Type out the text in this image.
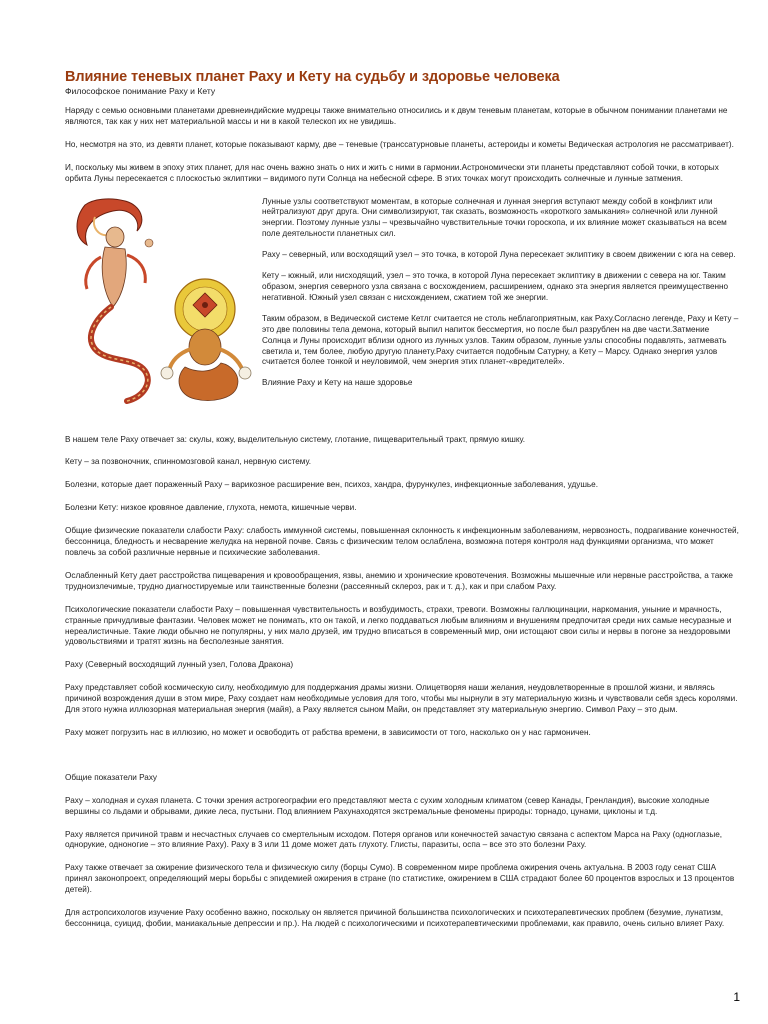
Влияние теневых планет Раху и Кету на судьбу и здоровье человека
Философское понимание Раху и Кету

Наряду с семью основными планетами древнеиндийские мудрецы также внимательно относились и к двум теневым планетам, которые в обычном понимании планетами не являются, так как у них нет материальной массы и ни в какой телескоп их не увидишь.

Но, несмотря на это, из девяти планет, которые показывают карму, две – теневые (транссатурновые планеты, астероиды и кометы Ведическая астрология не рассматривает).

И, поскольку мы живем в эпоху этих планет, для нас очень важно знать о них и жить с ними в гармонии.Астрономически эти планеты представляют собой точки, в которых орбита Луны пересекается с плоскостью эклиптики – видимого пути Солнца на небесной сфере. В этих точках могут происходить солнечные и лунные затмения.

Лунные узлы соответствуют моментам, в которые солнечная и лунная энергия вступают между собой в конфликт или нейтрализуют друг друга. Они символизируют, так сказать, возможность «короткого замыкания» солнечной или лунной энергии. Поэтому лунные узлы – чрезвычайно чувствительные точки гороскопа, и их влияние может сказываться на всем поле деятельности планетных сил.

Раху – северный, или восходящий узел – это точка, в которой Луна пересекает эклиптику в своем движении с юга на север.

Кету – южный, или нисходящий, узел – это точка, в которой Луна пересекает эклиптику в движении с севера на юг. Таким образом, энергия северного узла связана с восхождением, расширением, однако эта энергия является преимущественно негативной. Южный узел связан с нисхождением, сжатием той же энергии.

Таким образом, в Ведической системе Кетлг считается не столь неблагоприятным, как Раху.Согласно легенде, Раху и Кету – это две половины тела демона, который выпил напиток бессмертия, но после был разрублен на две части.Затмение Солнца и Луны происходит вблизи одного из лунных узлов. Таким образом, лунные узлы способны подавлять, затмевать светила и, тем более, любую другую планету.Раху считается подобным Сатурну, а Кету – Марсу. Однако энергия узлов считается более тонкой и неуловимой, чем энергия этих планет-«вредителей».

Влияние Раху и Кету на наше здоровье

В нашем теле Раху отвечает за: скулы, кожу, выделительную систему, глотание, пищеварительный тракт, прямую кишку.

Кету – за позвоночник, спинномозговой канал, нервную систему.

Болезни, которые дает пораженный Раху – варикозное расширение вен, психоз, хандра, фурункулез, инфекционные заболевания, удушье.

Болезни Кету: низкое кровяное давление, глухота, немота, кишечные черви.

Общие физические показатели слабости Раху: слабость иммунной системы, повышенная склонность к инфекционным заболеваниям, нервозность, подрагивание конечностей, бессонница, бледность и несварение желудка на нервной почве. Связь с физическим телом ослаблена, возможна потеря контроля над функциями организма, что может повлечь за собой различные нервные и психические заболевания.

Ослабленный Кету дает расстройства пищеварения и кровообращения, язвы, анемию и хронические кровотечения. Возможны мышечные или нервные расстройства, а также трудноизлечимые, трудно диагностируемые или таинственные болезни (рассеянный склероз, рак и т. д.), как и при слабом Раху.

Психологические показатели слабости Раху – повышенная чувствительность и возбудимость, страхи, тревоги. Возможны галлюцинации, наркомания, уныние и мрачность, странные причудливые фантазии. Человек может не понимать, кто он такой, и легко поддаваться любым влияниям и внушениям предпочитая среди них самые несуразные и нереалистичные. Такие люди обычно не популярны, у них мало друзей, им трудно вписаться в современный мир, они истощают свои силы и нервы в погоне за нездоровыми удовольствиями и тратят жизнь на бесполезные занятия.

Раху (Северный восходящий лунный узел, Голова Дракона)

Раху представляет собой космическую силу, необходимую для поддержания драмы жизни. Олицетворяя наши желания, неудовлетворенные в прошлой жизни, и являясь причиной возрождения души в этом мире, Раху создает нам необходимые условия для того, чтобы мы нырнули в эту материальную жизнь и чувствовали себя здесь королями. Для этого нужна иллюзорная материальная энергия (майя), а Раху является сыном Майи, он представляет эту материальную энергию. Символ Раху – это дым.

Раху может погрузить нас в иллюзию, но может и освободить от рабства времени, в зависимости от того, насколько он у нас гармоничен.

Общие показатели Раху

Раху – холодная и сухая планета. С точки зрения астрогеографии его представляют места с сухим холодным климатом (север Канады, Гренландия), высокие холодные вершины со льдами и обрывами, дикие леса, пустыни. Под влиянием Рахунаходятся экстремальные феномены природы: торнадо, цунами, циклоны и т.д.

Раху является причиной травм и несчастных случаев со смертельным исходом. Потеря органов или конечностей зачастую связана с аспектом Марса на Раху (одноглазые, однорукие, одноногие – это влияние Раху). Раху в 3 или 11 доме может дать глухоту. Глисты, паразиты, оспа – все это это болезни Раху.

Раху также отвечает за ожирение физического тела и физическую силу (борцы Сумо). В современном мире проблема ожирения очень актуальна. В 2003 году сенат США принял законопроект, определяющий меры борьбы с эпидемией ожирения в стране (по статистике, ожирением в США страдают более 60 процентов взрослых и 13 процентов детей).

Для астропсихологов изучение Раху особенно важно, поскольку он является причиной большинства психологических и психотерапевтических проблем (безумие, лунатизм, бессонница, суицид, фобии, маниакальные депрессии и пр.). На людей с психологическими и психотерапевтическими проблемами, как правило, очень сильно влияет Раху.

1
